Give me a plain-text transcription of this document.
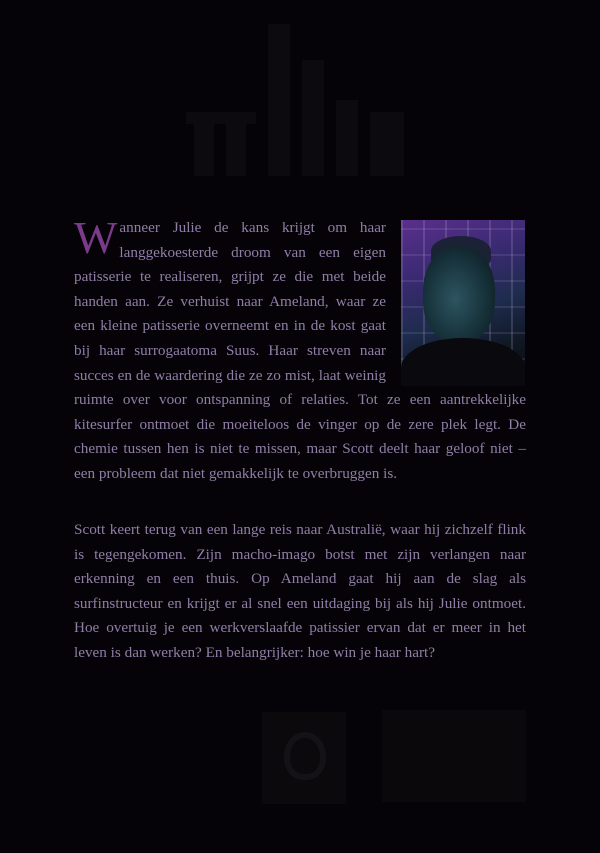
Wanneer Julie de kans krijgt om haar langgekoesterde droom van een eigen patisserie te realiseren, grijpt ze die met beide handen aan. Ze verhuist naar Ameland, waar ze een kleine patisserie overneemt en in de kost gaat bij haar surrogaatoma Suus. Haar streven naar succes en de waardering die ze zo mist, laat weinig ruimte over voor ontspanning of relaties. Tot ze een aantrekkelijke kitesurfer ontmoet die moeiteloos de vinger op de zere plek legt. De chemie tussen hen is niet te missen, maar Scott deelt haar geloof niet – een probleem dat niet gemakkelijk te overbruggen is.
Scott keert terug van een lange reis naar Australië, waar hij zichzelf flink is tegengekomen. Zijn macho-imago botst met zijn verlangen naar erkenning en een thuis. Op Ameland gaat hij aan de slag als surfinstructeur en krijgt er al snel een uitdaging bij als hij Julie ontmoet. Hoe overtuig je een werkverslaafde patissier ervan dat er meer in het leven is dan werken? En belangrijker: hoe win je haar hart?
